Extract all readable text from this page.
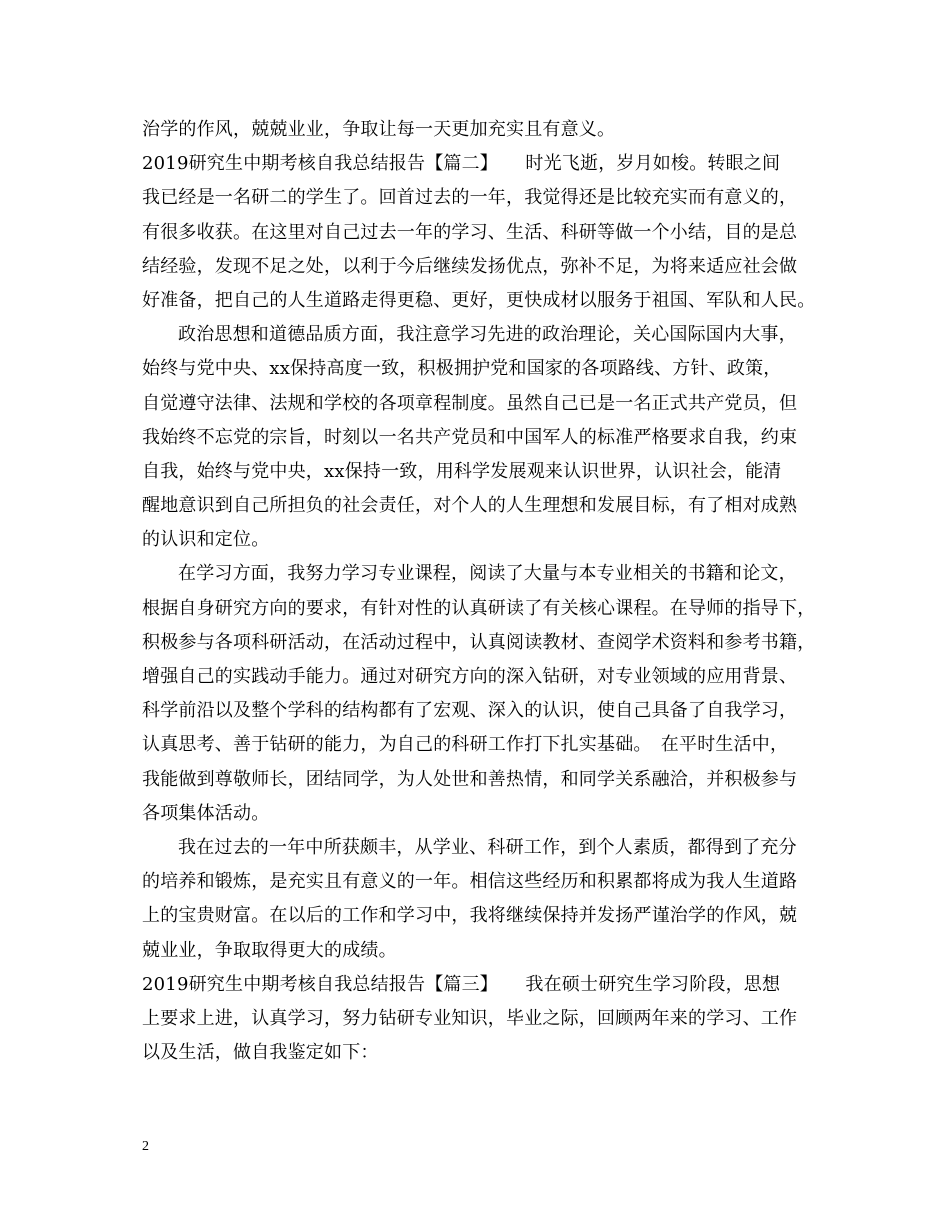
治学的作风，兢兢业业，争取让每一天更加充实且有意义。
2019研究生中期考核自我总结报告【篇二】　　时光飞逝，岁月如梭。转眼之间
我已经是一名研二的学生了。回首过去的一年，我觉得还是比较充实而有意义的，
有很多收获。在这里对自己过去一年的学习、生活、科研等做一个小结，目的是总
结经验，发现不足之处，以利于今后继续发扬优点，弥补不足，为将来适应社会做
好准备，把自己的人生道路走得更稳、更好，更快成材以服务于祖国、军队和人民。
政治思想和道德品质方面，我注意学习先进的政治理论，关心国际国内大事，
始终与党中央、xx保持高度一致，积极拥护党和国家的各项路线、方针、政策，
自觉遵守法律、法规和学校的各项章程制度。虽然自己已是一名正式共产党员，但
我始终不忘党的宗旨，时刻以一名共产党员和中国军人的标准严格要求自我，约束
自我，始终与党中央，xx保持一致，用科学发展观来认识世界，认识社会，能清
醒地意识到自己所担负的社会责任，对个人的人生理想和发展目标，有了相对成熟
的认识和定位。
在学习方面，我努力学习专业课程，阅读了大量与本专业相关的书籍和论文，
根据自身研究方向的要求，有针对性的认真研读了有关核心课程。在导师的指导下，
积极参与各项科研活动，在活动过程中，认真阅读教材、查阅学术资料和参考书籍，
增强自己的实践动手能力。通过对研究方向的深入钻研，对专业领域的应用背景、
科学前沿以及整个学科的结构都有了宏观、深入的认识，使自己具备了自我学习，
认真思考、善于钻研的能力，为自己的科研工作打下扎实基础。　在平时生活中，
我能做到尊敬师长，团结同学，为人处世和善热情，和同学关系融洽，并积极参与
各项集体活动。
我在过去的一年中所获颇丰，从学业、科研工作，到个人素质，都得到了充分
的培养和锻炼，是充实且有意义的一年。相信这些经历和积累都将成为我人生道路
上的宝贵财富。在以后的工作和学习中，我将继续保持并发扬严谨治学的作风，兢
兢业业，争取取得更大的成绩。
2019研究生中期考核自我总结报告【篇三】　　我在硕士研究生学习阶段，思想
上要求上进，认真学习，努力钻研专业知识，毕业之际，回顾两年来的学习、工作
以及生活，做自我鉴定如下：
2
